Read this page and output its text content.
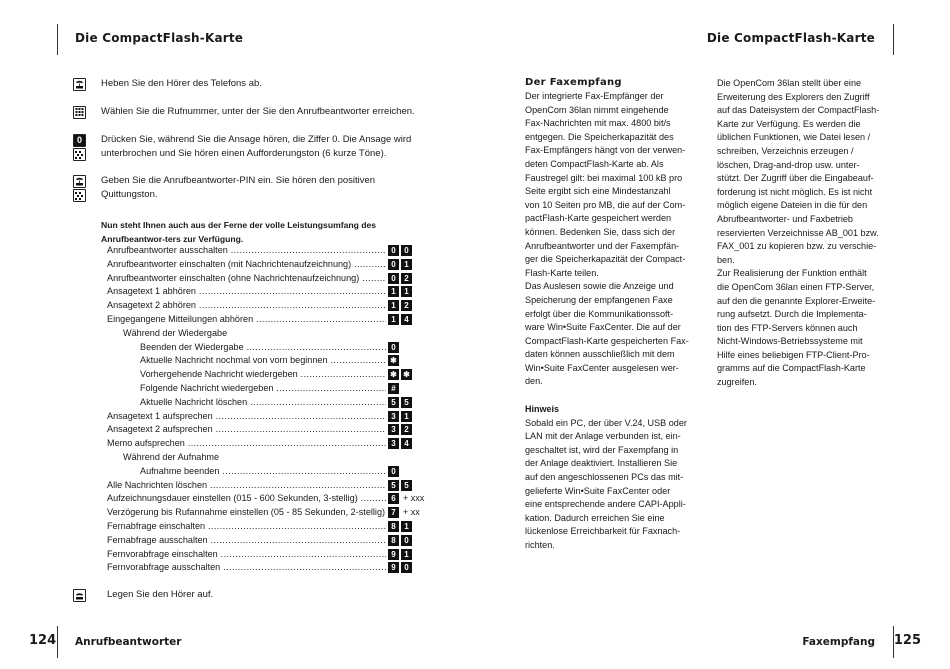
Die CompactFlash-Karte	Die CompactFlash-Karte
0
Heben Sie den Hörer des Telefons ab.
Wählen Sie die Rufnummer, unter der Sie den Anrufbeantworter erreichen.
Drücken Sie, während Sie die Ansage hören, die Ziffer 0. Die Ansage wird unterbrochen und Sie hören einen Aufforderungston (6 kurze Töne).
Geben Sie die Anrufbeantworter-PIN ein. Sie hören den positiven Quittungston.
Nun steht Ihnen auch aus der Ferne der volle Leistungsumfang des Anrufbeantwor-ters zur Verfügung.
Anrufbeantworter ausschalten .....	0 0
Anrufbeantworter einschalten (mit Nachrichtenaufzeichnung) .....	0 1
Anrufbeantworter einschalten (ohne Nachrichtenaufzeichnung) .....	0 2
Ansagetext 1 abhören .....	1 1
Ansagetext 2 abhören .....	1 2
Eingegangene Mitteilungen abhören .....	1 4
Während der Wiedergabe
Beenden der Wiedergabe .....	0
Aktuelle Nachricht nochmal von vorn beginnen .....	✱
Vorhergehende Nachricht wiedergeben .....	✱ ✱
Folgende Nachricht wiedergeben .....	#
Aktuelle Nachricht löschen .....	5 5
Ansagetext 1 aufsprechen .....	3 1
Ansagetext 2 aufsprechen .....	3 2
Memo aufsprechen .....	3 4
Während der Aufnahme
Aufnahme beenden .....	0
Alle Nachrichten löschen .....	5 5
Aufzeichnungsdauer einstellen (015 - 600 Sekunden, 3-stellig) .....	6 + xxx
Verzögerung bis Rufannahme einstellen (05 - 85 Sekunden, 2-stellig) ..... 7 + xx
Fernabfrage einschalten .....	8 1
Fernabfrage ausschalten .....	8 0
Fernvorabfrage einschalten .....	9 1
Fernvorabfrage ausschalten .....	9 0
Legen Sie den Hörer auf.
Der Faxempfang
Der integrierte Fax-Empfänger der
OpenCom 36lan nimmt eingehende
Fax-Nachrichten mit max. 4800 bit/s
entgegen. Die Speicherkapazität des
Fax-Empfängers hängt von der verwen-
deten CompactFlash-Karte ab. Als
Faustregel gilt: bei maximal 100 kB pro
Seite ergibt sich eine Mindestanzahl
von 10 Seiten pro MB, die auf der Com-
pactFlash-Karte gespeichert werden
können. Bedenken Sie, dass sich der
Anrufbeantworter und der Faxempfän-
ger die Speicherkapazität der Compact-
Flash-Karte teilen.
Das Auslesen sowie die Anzeige und
Speicherung der empfangenen Faxe
erfolgt über die Kommunikationssoft-
ware Win•Suite FaxCenter. Die auf der
CompactFlash-Karte gespeicherten Fax-
daten können ausschließlich mit dem
Win•Suite FaxCenter ausgelesen wer-
den.
Hinweis
Sobald ein PC, der über V.24, USB oder
LAN mit der Anlage verbunden ist, ein-
geschaltet ist, wird der Faxempfang in
der Anlage deaktiviert. Installieren Sie
auf den angeschlossenen PCs das mit-
gelieferte Win•Suite FaxCenter oder
eine entsprechende andere CAPI-Appli-
kation. Dadurch erreichen Sie eine
lückenlose Erreichbarkeit für Faxnach-
richten.
Die OpenCom 36lan stellt über eine
Erweiterung des Explorers den Zugriff
auf das Dateisystem der CompactFlash-
Karte zur Verfügung. Es werden die
üblichen Funktionen, wie Datei lesen /
schreiben, Verzeichnis erzeugen /
löschen, Drag-and-drop usw. unter-
stützt. Der Zugriff über die Eingabeauf-
forderung ist nicht möglich. Es ist nicht
möglich eigene Dateien in die für den
Abrufbeantworter- und Faxbetrieb
reservierten Verzeichnisse AB_001 bzw.
FAX_001 zu kopieren bzw. zu verschie-
ben.
Zur Realisierung der Funktion enthält
die OpenCom 36lan einen FTP-Server,
auf den die genannte Explorer-Erweite-
rung aufsetzt. Durch die Implementa-
tion des FTP-Servers können auch
Nicht-Windows-Betriebssysteme mit
Hilfe eines beliebigen FTP-Client-Pro-
gramms auf die CompactFlash-Karte
zugreifen.
124 Anrufbeantworter	Faxempfang 125
